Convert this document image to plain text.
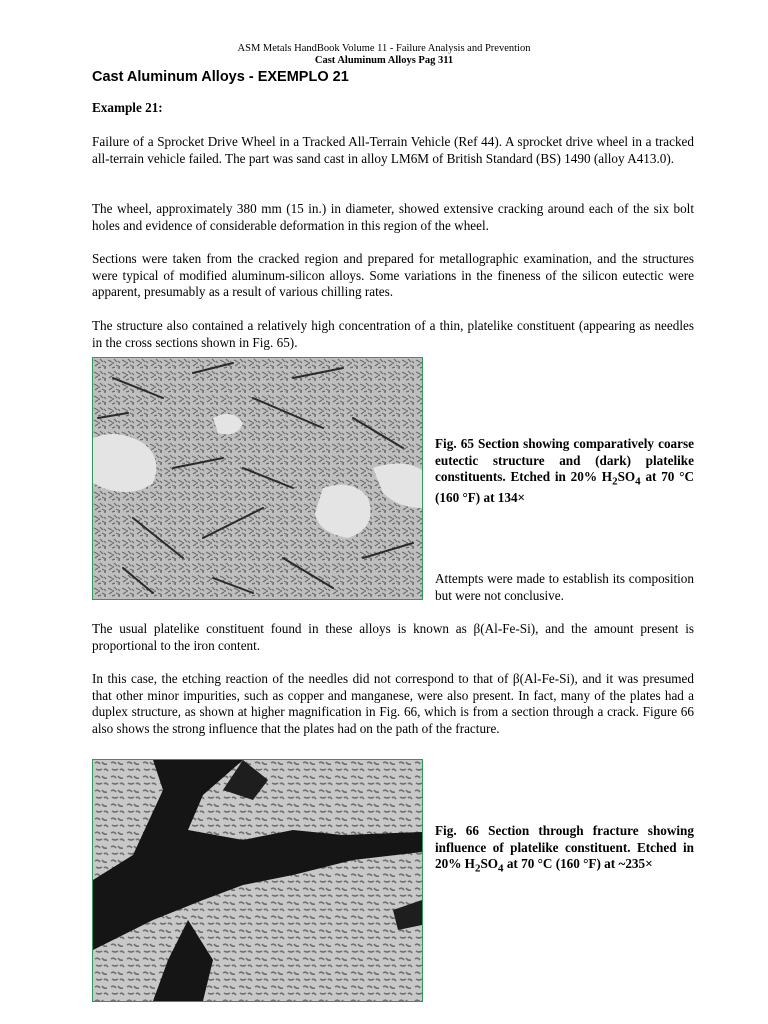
ASM Metals HandBook Volume 11 - Failure Analysis and Prevention
Cast Aluminum Alloys Pag 311
Cast Aluminum Alloys - EXEMPLO 21
Example 21:

Failure of a Sprocket Drive Wheel in a Tracked All-Terrain Vehicle (Ref 44). A sprocket drive wheel in a tracked all-terrain vehicle failed. The part was sand cast in alloy LM6M of British Standard (BS) 1490 (alloy A413.0).

The wheel, approximately 380 mm (15 in.) in diameter, showed extensive cracking around each of the six bolt holes and evidence of considerable deformation in this region of the wheel.

Sections were taken from the cracked region and prepared for metallographic examination, and the structures were typical of modified aluminum-silicon alloys. Some variations in the fineness of the silicon eutectic were apparent, presumably as a result of various chilling rates.

The structure also contained a relatively high concentration of a thin, platelike constituent (appearing as needles in the cross sections shown in Fig. 65).

Fig. 65 Section showing comparatively coarse eutectic structure and (dark) platelike constituents. Etched in 20% $H_2SO_4$ at 70 °C (160 °F) at 134×
Attempts were made to establish its composition but were not conclusive.

The usual platelike constituent found in these alloys is known as β(Al-Fe-Si), and the amount present is proportional to the iron content.

In this case, the etching reaction of the needles did not correspond to that of β(Al-Fe-Si), and it was presumed that other minor impurities, such as copper and manganese, were also present. In fact, many of the plates had a duplex structure, as shown at higher magnification in Fig. 66, which is from a section through a crack. Figure 66 also shows the strong influence that the plates had on the path of the fracture.

Fig. 66 Section through fracture showing influence of platelike constituent. Etched in 20% $H_2SO_4$ at 70 °C (160 °F) at ~235×
